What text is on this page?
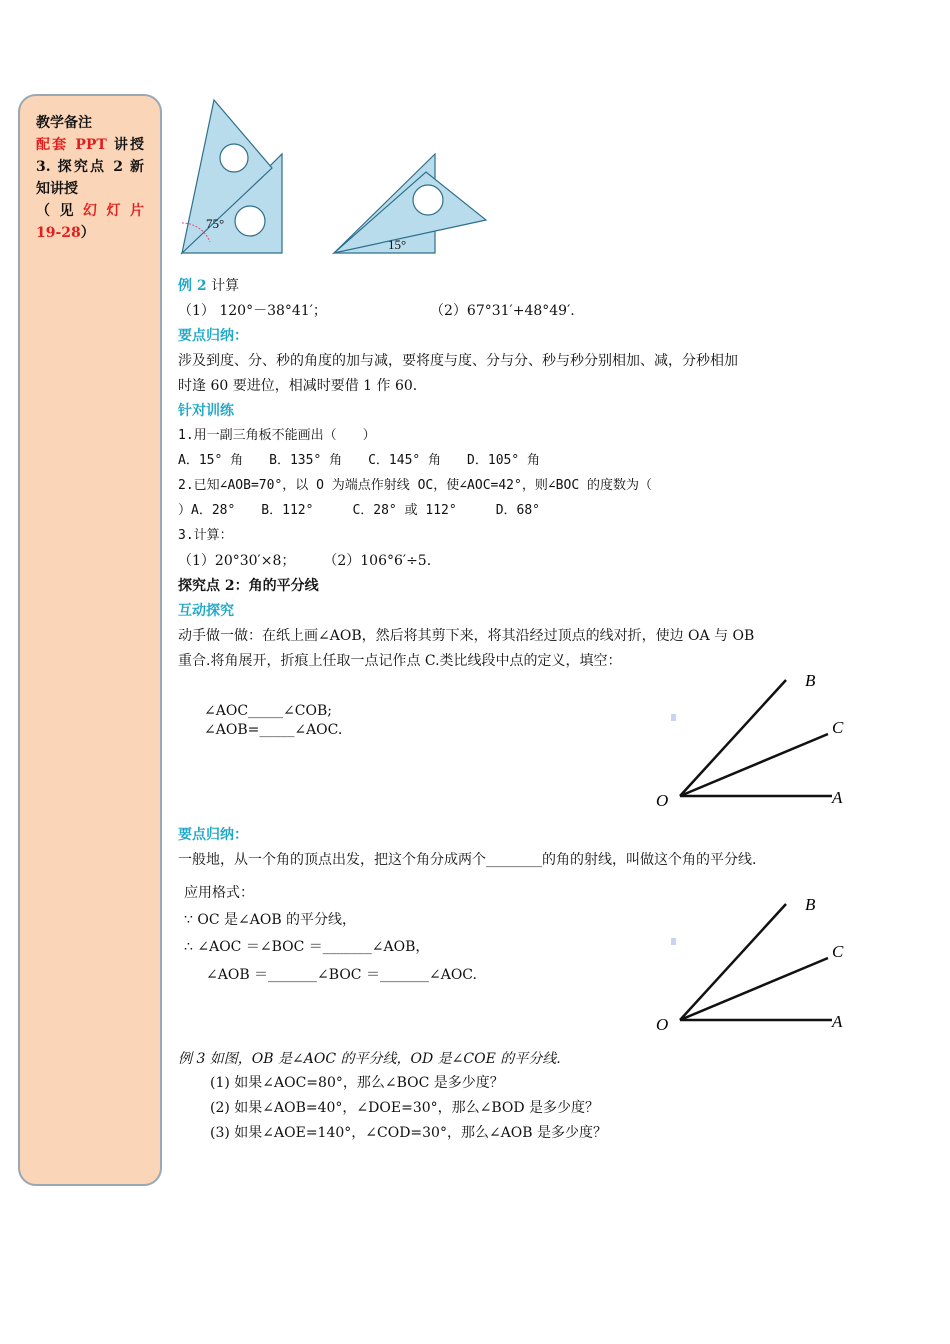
教学备注
配套 PPT 讲授
3. 探究点 2 新
知讲授
（ 见 幻 灯 片
19-28）
75°
15°
例 2 计算
（1） 120°－38°41′；	（2）67°31′+48°49′.
要点归纳：
涉及到度、分、秒的角度的加与减，要将度与度、分与分、秒与秒分别相加、减，分秒相加
时逢 60 要进位，相减时要借 1 作 60.
针对训练
1.用一副三角板不能画出（　　）
A．15° 角　　B．135° 角　　C．145° 角　　D．105° 角
2.已知∠AOB=70°，以 O 为端点作射线 OC，使∠AOC=42°，则∠BOC 的度数为（
）A．28°　　B．112°　　　C．28° 或 112°　　　D．68°
3.计算：
（1）20°30′×8；　　　（2）106°6′÷5.
探究点 2：角的平分线
互动探究
动手做一做：在纸上画∠AOB，然后将其剪下来，将其沿经过顶点的线对折，使边 OA 与 OB
重合.将角展开，折痕上任取一点记作点 C.类比线段中点的定义，填空：
∠AOC_____∠COB;
∠AOB=_____∠AOC.
要点归纳：
一般地，从一个角的顶点出发，把这个角分成两个________的角的射线，叫做这个角的平分线.
应用格式：
∵ OC 是∠AOB 的平分线，
∴ ∠AOC ＝∠BOC ＝_______∠AOB，
∠AOB ＝_______∠BOC ＝_______∠AOC.
例 3 如图，OB 是∠AOC 的平分线，OD 是∠COE 的平分线.
(1) 如果∠AOC=80°，那么∠BOC 是多少度？
(2) 如果∠AOB=40°，∠DOE=30°，那么∠BOD 是多少度？
(3) 如果∠AOE=140°，∠COD=30°，那么∠AOB 是多少度？
O	A
C
B
O	A
C
B
